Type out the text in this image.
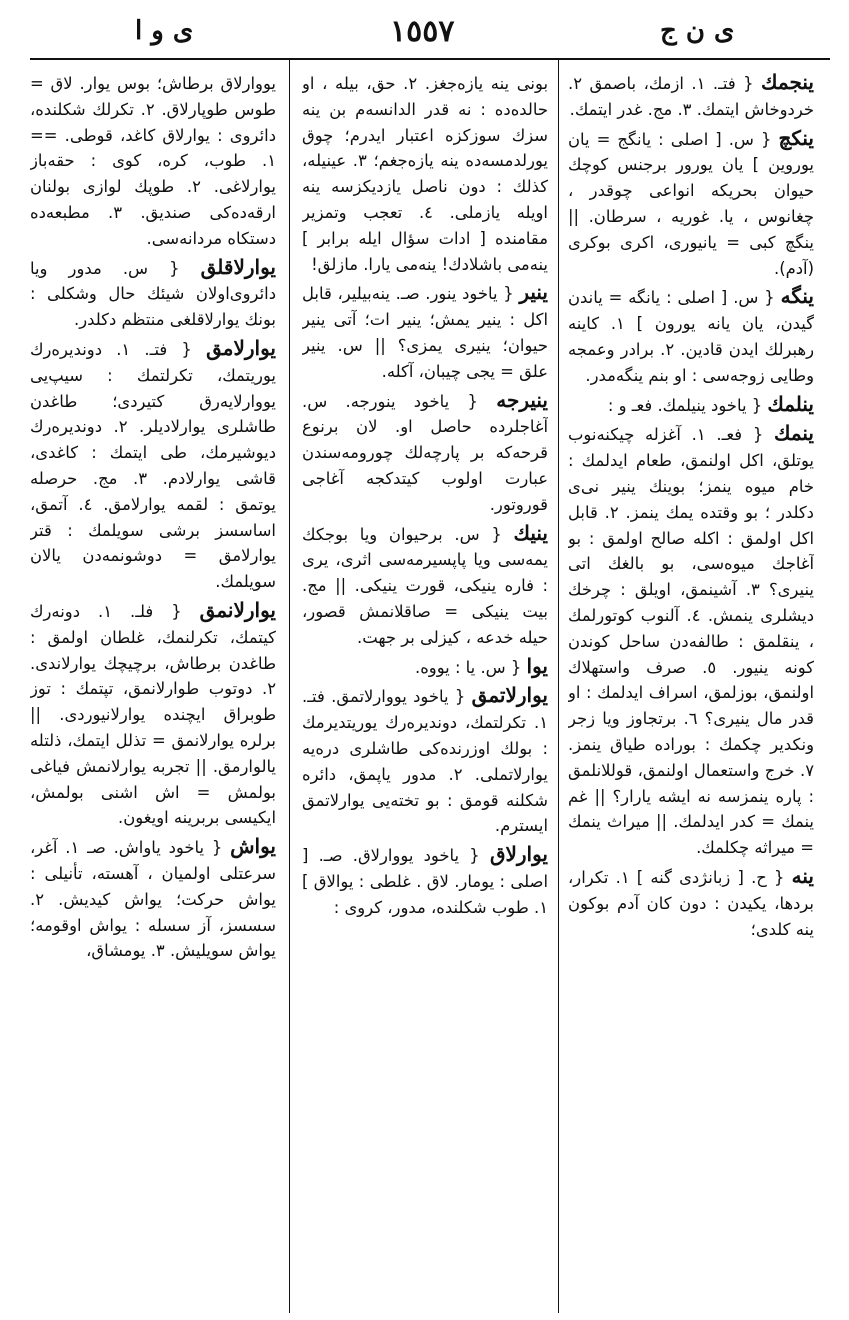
ی و ا	١٥٥٧	ی ن ج

ينجمك { فتـ. ١. ازمك، باصمق ٢. خردوخاش ایتمك. ٣. مج. غدر ایتمك.

ينكچ { س. [ اصلی : یانگج = یان یوروین ] یان یورور برجنس کوچك حیوان بحریکه انواعی چوقدر ، چغانوس ، یا. غوریه ، سرطان. || ینگچ کبی = یانیوری، اکری بوکری (آدم).

ینگه { س. [ اصلی : یانگه = یاندن گیدن، یان یانه یورون ] ١. کاینه رهبرلك ایدن قادین. ٢. برادر وعمجه وطایی زوجه‌سی : او بنم ینگه‌مدر.

ینلمك { یاخود ینیلمك. فعـ و :

ينمك { فعـ. ١. آغزله چیکنه‌نوب یوتلق، اکل اولنمق، طعام ایدلمك : خام میوه ینمز؛ بوینك ینیر نی‌ی دکلدر ؛ بو وقتده یمك ینمز. ٢. قابل اکل اولمق : اکله صالح اولمق : بو آغاجك میوه‌سی، بو بالغك اتی ینیری؟ ٣. آشینمق، اویلق : چرخك دیشلری ینمش. ٤. آلنوب کوتورلمك ، ینقلمق : طالفه‌دن ساحل کوندن کونه ینیور. ٥. صرف واستهلاك اولنمق، بوزلمق، اسراف ایدلمك : او قدر مال ینیری؟ ٦. برتجاوز ویا زجر ونکدیر چکمك : بوراده طیاق ینمز. ٧. خرج واستعمال اولنمق، قوللانلمق : پاره ینمزسه نه ایشه یارار؟ || غم ینمك = کدر ایدلمك. || میراث ینمك = میراثه چکلمك.

ینه { ح. [ زبانژدی گنه ] ١. تکرار، بردها، یکیدن : دون کان آدم بوکون ینه کلدی؛

بونی ینه یازه‌جغز. ٢. حق، بیله ، او حالده‌ده : نه قدر الدانسه‌م بن ینه سزك سوزکزه اعتبار ایدرم؛ چوق یورلدمسه‌ده ینه یازه‌جغم؛ ٣. عینیله، کذلك : دون ناصل یازدیکزسه ینه اویله یازملی. ٤. تعجب وتمزیر مقامنده [ ادات سؤال ایله برابر ] ینه‌می باشلادك! ینه‌می یارا. مازلق!

ينير { یاخود ینور. صـ. ینه‌بیلیر، قابل اکل : ینیر یمش؛ ینیر ات؛ آتی ینیر حیوان؛ ینیری یمزی؟ || س. ینیر علق = یجی چیبان، آکله.

ينيرجه { یاخود ینورجه. س. آغاجلرده حاصل او. لان برنوع قرحه‌که بر پارچه‌لك چورومه‌سندن عبارت اولوب کیتدکجه آغاجی قوروتور.

ينيك { س. برحیوان ویا بوجکك یمه‌سی ویا پاپسیرمه‌سی اثری، یری : فاره ینیکی، قورت ینیکی. || مج. بیت ینیکی = صاقلانمش قصور، حیله خدعه ، کیزلی بر جهت.

يوا { س. یا : یووه.

يوارلاتمق { یاخود یووارلاتمق. فتـ. ١. تکرلتمك، دوندیره‌رك یوریتدیرمك : بولك اوزرنده‌کی طاشلری دره‌یه یوارلاتملی. ٢. مدور یاپمق، دائره شکلنه قومق : بو تخته‌یی یوارلاتمق ایسترم.

يوارلاق { یاخود یووارلاق. صـ. [ اصلی : یومار. لاق . غلطی : یوالاق ] ١. طوب شکلنده، مدور، کروی :

یووارلاق برطاش؛ بوس یوار. لاق = طوس طوپارلاق. ٢. تکرلك شکلنده، دائروی : یوارلاق کاغد، قوطی. == ١. طوب، کره، کوی : حقه‌باز یوارلاغی. ٢. طوپك لوازی بولنان ارقه‌ده‌کی صندیق. ٣. مطبعه‌ده دستکاه مردانه‌سی.

يوارلاقلق { س. مدور ویا دائروی‌اولان شیئك حال وشکلی : بونك یوارلاقلغی منتظم دکلدر.

يوارلامق { فتـ. ١. دوندیره‌رك یوریتمك، تکرلتمك : سیپ‌یی یووارلایه‌رق کتیردی؛ طاغدن طاشلری یوارلادیلر. ٢. دوندیره‌رك دیوشیرمك، طی ایتمك : کاغدی، قاشی یوارلادم. ٣. مج. حرصله یوتمق : لقمه یوارلامق. ٤. آتمق، اساسسز برشی سویلمك : قتر یوارلامق = دوشونمه‌دن یالان سویلمك.

يوارلانمق { فلـ. ١. دونه‌رك کیتمك، تکرلنمك، غلطان اولمق : طاغدن برطاش، برچیچك یوارلاندی. ٢. دوتوب طوارلانمق، تپتمك : توز طوبراق ایچنده یوارلانیوردی. || برلره یوارلانمق = تذلل ایتمك، ذلتله یالوارمق. || تجربه یوارلانمش فیاغی بولمش = اش اشنی بولمش، ایکیسی بربرینه اویغون.

يواش { یاخود یاواش. صـ ١. آغر، سرعتلی اولمیان ، آهسته، تأنیلی : یواش حرکت؛ یواش کیدیش. ٢. سسسز، آز سسله : یواش اوقومه؛ یواش سویلیش. ٣. یومشاق،
